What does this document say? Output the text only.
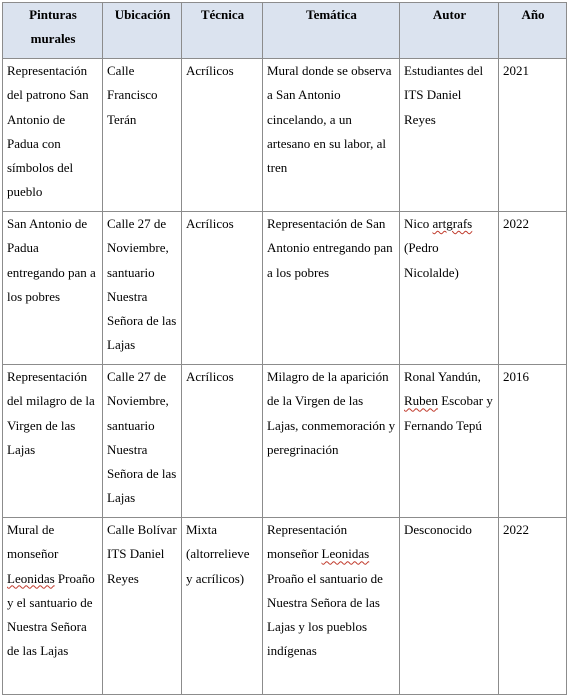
Pinturas murales	Ubicación	Técnica	Temática	Autor	Año
Representación del patrono San Antonio de Padua con símbolos del pueblo	Calle Francisco Terán	Acrílicos	Mural donde se observa a San Antonio cincelando, a un artesano en su labor, al tren	Estudiantes del ITS Daniel Reyes	2021
San Antonio de Padua entregando pan a los pobres	Calle 27 de Noviembre, santuario Nuestra Señora de las Lajas	Acrílicos	Representación de San Antonio entregando pan a los pobres	Nico artgrafs (Pedro Nicolalde)	2022
Representación del milagro de la Virgen de las Lajas	Calle 27 de Noviembre, santuario Nuestra Señora de las Lajas	Acrílicos	Milagro de la aparición de la Virgen de las Lajas, conmemoración y peregrinación	Ronal Yandún, Ruben Escobar y Fernando Tepú	2016
Mural de monseñor Leonidas Proaño y el santuario de Nuestra Señora de las Lajas	Calle Bolívar ITS Daniel Reyes	Mixta (altorrelieve y acrílicos)	Representación monseñor Leonidas Proaño el santuario de Nuestra Señora de las Lajas y los pueblos indígenas	Desconocido	2022
